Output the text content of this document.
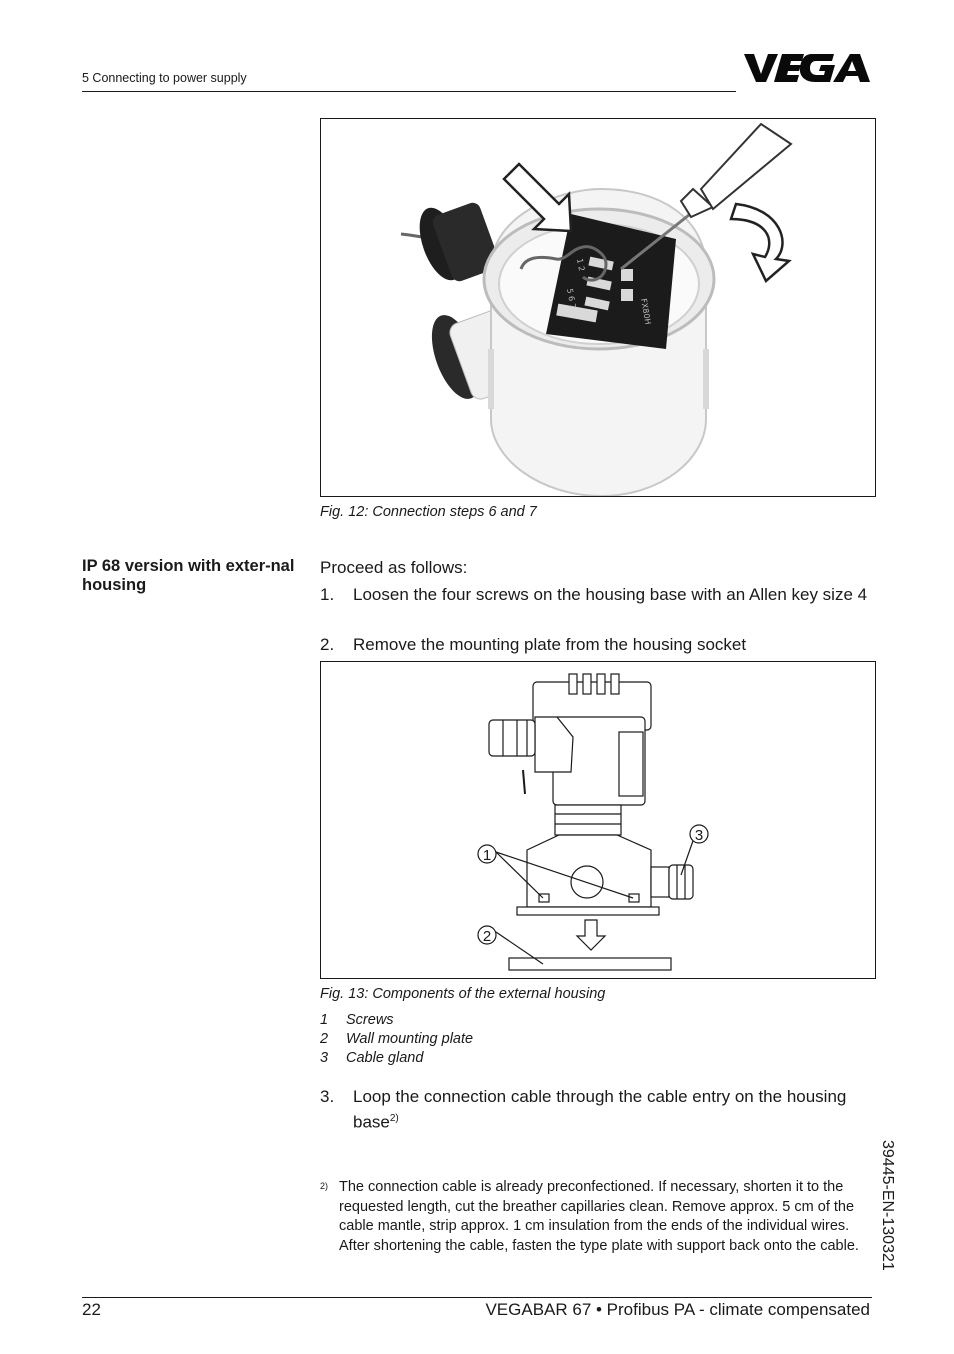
5 Connecting to power supply
VEGA
1 2
5 6 7	FX80H
Fig. 12: Connection steps 6 and 7
IP 68 version with exter-nal housing
Proceed as follows:
1. Loosen the four screws on the housing base with an Allen key size 4
2. Remove the mounting plate from the housing socket
1
2
3
Fig. 13: Components of the external housing
1 Screws
2 Wall mounting plate
3 Cable gland
3. Loop the connection cable through the cable entry on the housing base$^{2)}$
2) The connection cable is already preconfectioned. If necessary, shorten it to the requested length, cut the breather capillaries clean. Remove approx. 5 cm of the cable mantle, strip approx. 1 cm insulation from the ends of the individual wires. After shortening the cable, fasten the type plate with support back onto the cable.	39445-EN-130321
22	VEGABAR 67 • Profibus PA - climate compensated
